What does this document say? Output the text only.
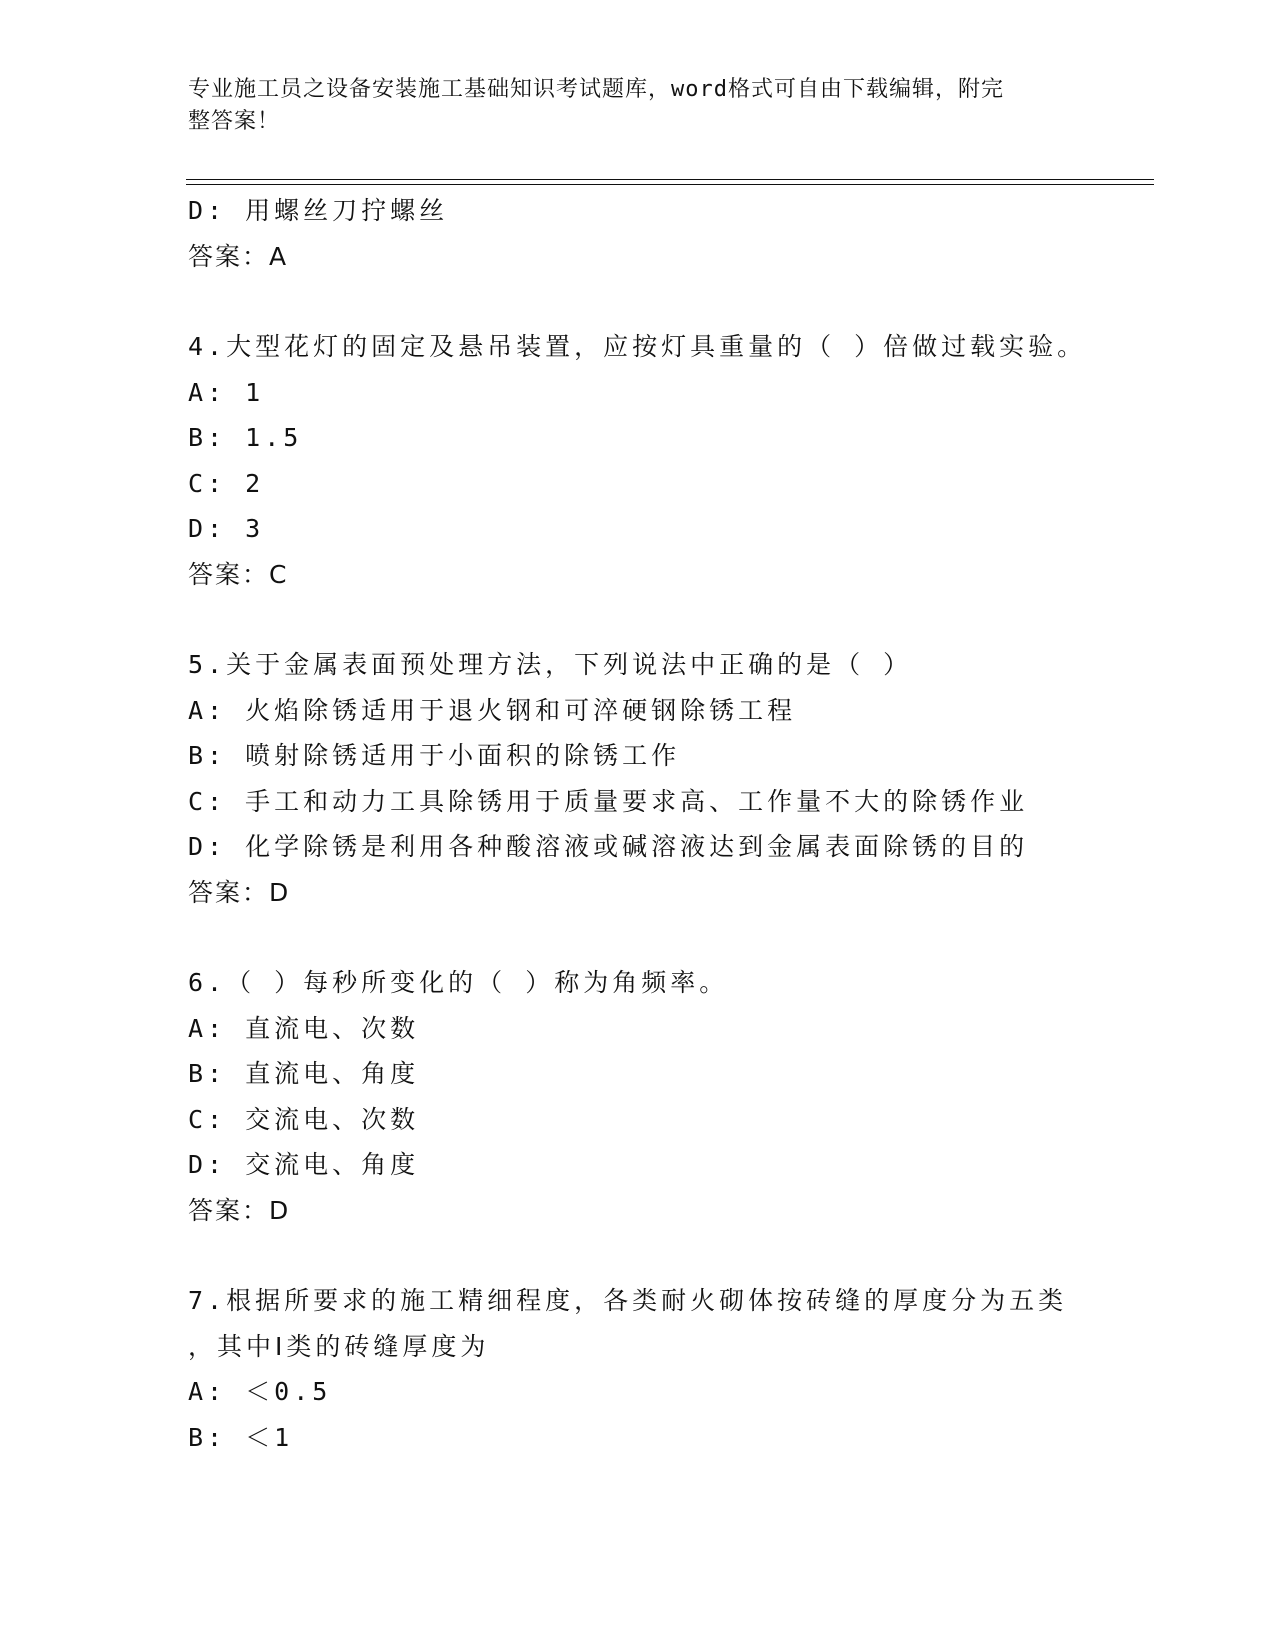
专业施工员之设备安装施工基础知识考试题库，word格式可自由下载编辑，附完
整答案！
D: 用螺丝刀拧螺丝
答案：A
4.大型花灯的固定及悬吊装置，应按灯具重量的（ ）倍做过载实验。
A: 1
B: 1.5
C: 2
D: 3
答案：C
5.关于金属表面预处理方法，下列说法中正确的是（ ）
A: 火焰除锈适用于退火钢和可淬硬钢除锈工程
B: 喷射除锈适用于小面积的除锈工作
C: 手工和动力工具除锈用于质量要求高、工作量不大的除锈作业
D: 化学除锈是利用各种酸溶液或碱溶液达到金属表面除锈的目的
答案：D
6.（ ）每秒所变化的（ ）称为角频率。
A: 直流电、次数
B: 直流电、角度
C: 交流电、次数
D: 交流电、角度
答案：D
7.根据所要求的施工精细程度，各类耐火砌体按砖缝的厚度分为五类
，其中Ⅰ类的砖缝厚度为
A: ＜0.5
B: ＜1
